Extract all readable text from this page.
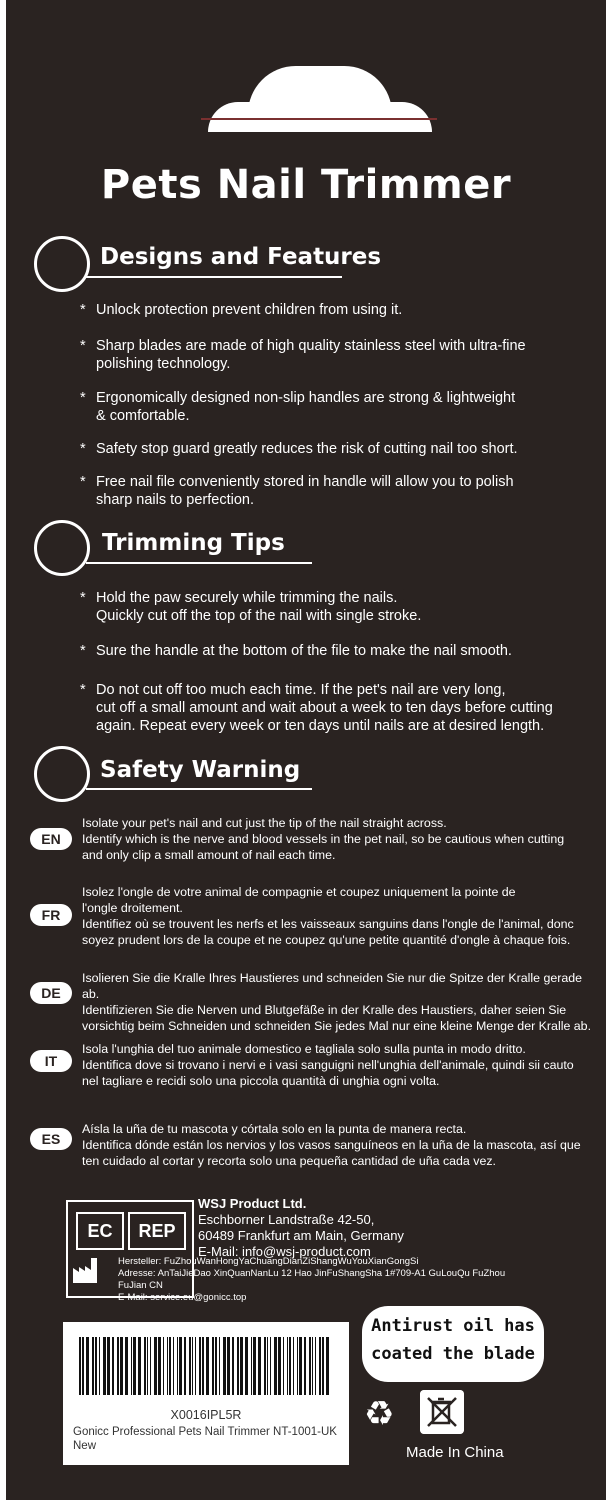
Pets Nail Trimmer
Designs and Features
* Unlock protection prevent children from using it.
* Sharp blades are made of high quality stainless steel with ultra-fine
polishing technology.
* Ergonomically designed non-slip handles are strong & lightweight
& comfortable.
* Safety stop guard greatly reduces the risk of cutting nail too short.
* Free nail file conveniently stored in handle will allow you to polish
sharp nails to perfection.
Trimming Tips
* Hold the paw securely while trimming the nails.
Quickly cut off the top of the nail with single stroke.
* Sure the handle at the bottom of the file to make the nail smooth.
* Do not cut off too much each time. If the pet's nail are very long,
cut off a small amount and wait about a week to ten days before cutting
again. Repeat every week or ten days until nails are at desired length.
Safety Warning
EN
Isolate your pet's nail and cut just the tip of the nail straight across.
Identify which is the nerve and blood vessels in the pet nail, so be cautious when cutting
and only clip a small amount of nail each time.
FR
Isolez l'ongle de votre animal de compagnie et coupez uniquement la pointe de
l'ongle droitement.
Identifiez où se trouvent les nerfs et les vaisseaux sanguins dans l'ongle de l'animal, donc
soyez prudent lors de la coupe et ne coupez qu'une petite quantité d'ongle à chaque fois.
DE
Isolieren Sie die Kralle Ihres Haustieres und schneiden Sie nur die Spitze der Kralle gerade ab.
Identifizieren Sie die Nerven und Blutgefäße in der Kralle des Haustiers, daher seien Sie
vorsichtig beim Schneiden und schneiden Sie jedes Mal nur eine kleine Menge der Kralle ab.
IT
Isola l'unghia del tuo animale domestico e tagliala solo sulla punta in modo dritto.
Identifica dove si trovano i nervi e i vasi sanguigni nell'unghia dell'animale, quindi sii cauto
nel tagliare e recidi solo una piccola quantità di unghia ogni volta.
ES
Aísla la uña de tu mascota y córtala solo en la punta de manera recta.
Identifica dónde están los nervios y los vasos sanguíneos en la uña de la mascota, así que
ten cuidado al cortar y recorta solo una pequeña cantidad de uña cada vez.
EC	REP
WSJ Product Ltd.
Eschborner Landstraße 42-50,
60489 Frankfurt am Main, Germany
E-Mail: info@wsj-product.com
Hersteller: FuZhouWanHongYaChuangDianZiShangWuYouXianGongSi
Adresse: AnTaiJieDao XinQuanNanLu 12 Hao JinFuShangSha 1#709-A1 GuLouQu FuZhou
FuJian CN
E-Mail: service.eu@gonicc.top
X0016IPL5R
Gonicc Professional Pets Nail Trimmer NT-1001-UK
New
Antirust oil has
coated the blade
♻
Made In China
